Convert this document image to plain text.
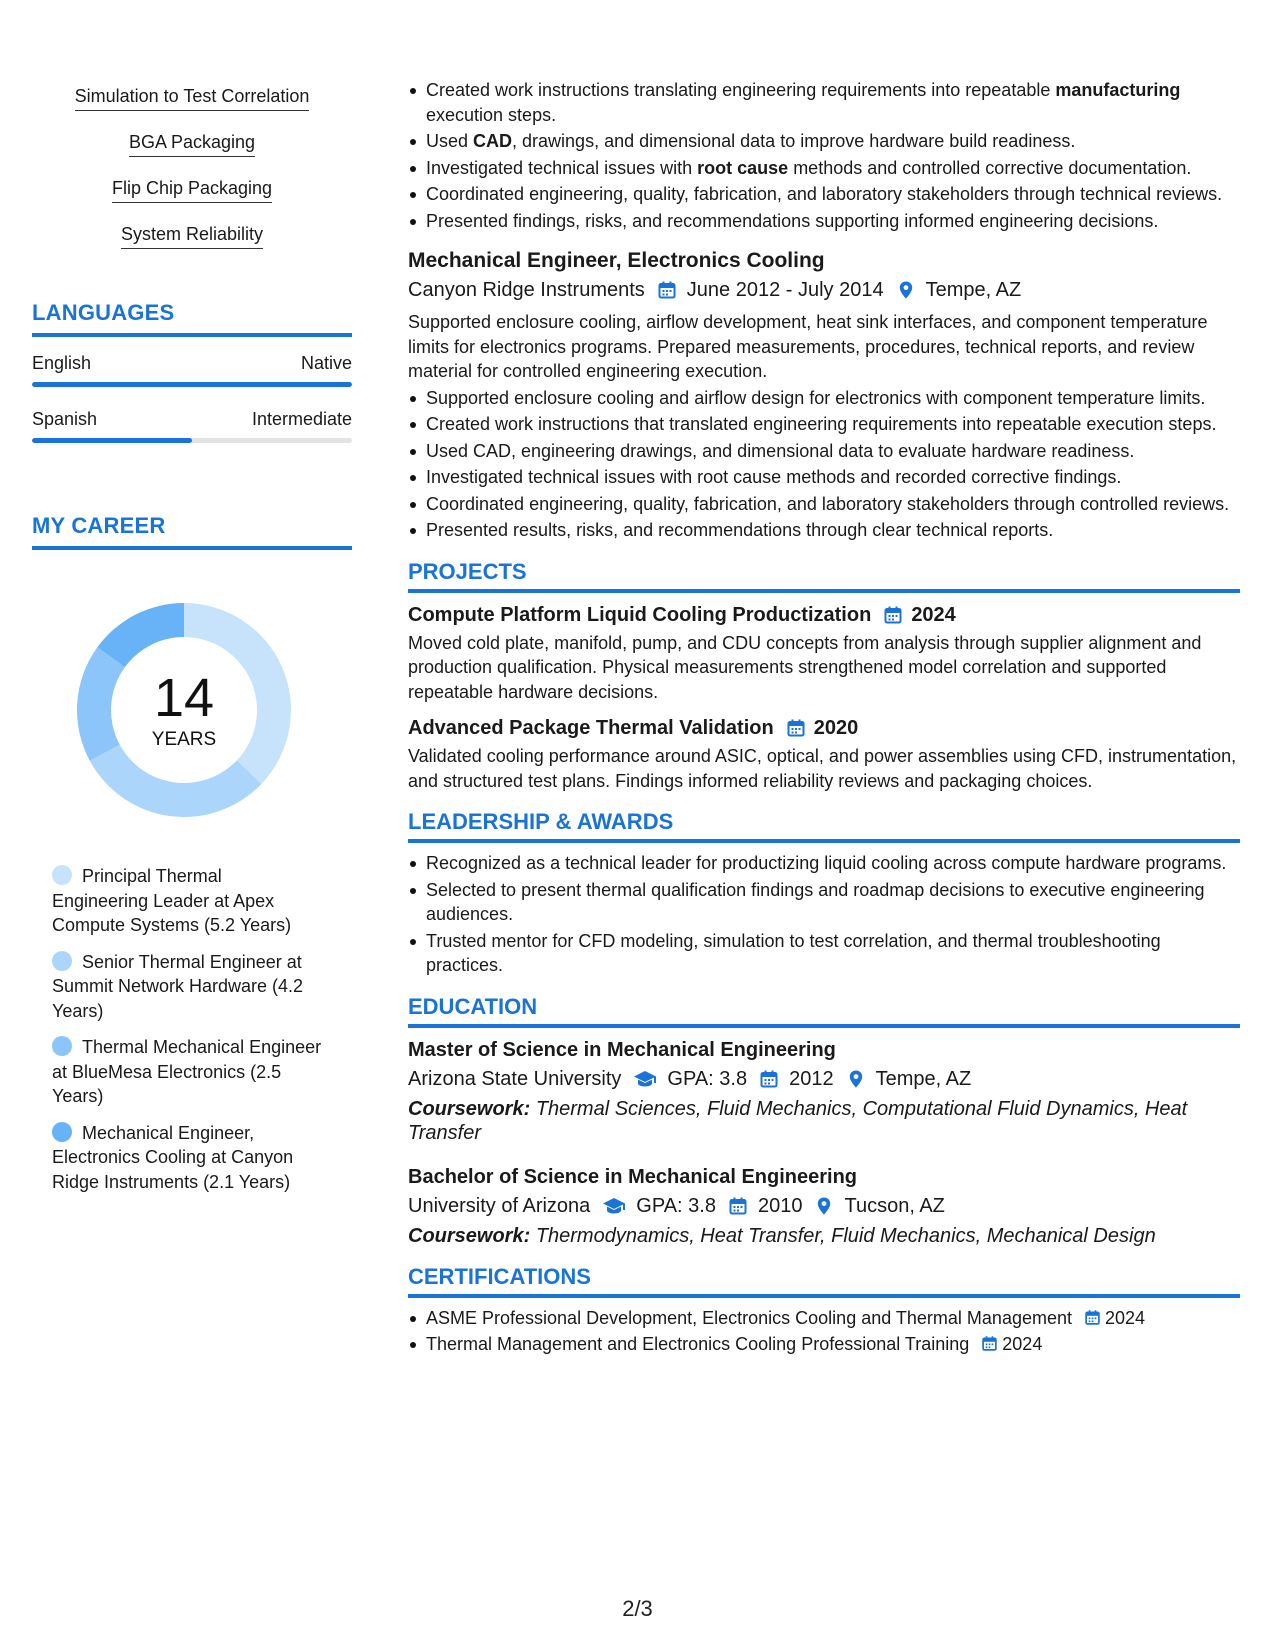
Simulation to Test Correlation
BGA Packaging
Flip Chip Packaging
System Reliability
LANGUAGES
English	Native
Spanish	Intermediate
MY CAREER
14
YEARS
Principal Thermal Engineering Leader at Apex Compute Systems (5.2 Years)
Senior Thermal Engineer at Summit Network Hardware (4.2 Years)
Thermal Mechanical Engineer at BlueMesa Electronics (2.5 Years)
Mechanical Engineer, Electronics Cooling at Canyon Ridge Instruments (2.1 Years)
Created work instructions translating engineering requirements into repeatable manufacturing execution steps.
Used CAD, drawings, and dimensional data to improve hardware build readiness.
Investigated technical issues with root cause methods and controlled corrective documentation.
Coordinated engineering, quality, fabrication, and laboratory stakeholders through technical reviews.
Presented findings, risks, and recommendations supporting informed engineering decisions.
Mechanical Engineer, Electronics Cooling
Canyon Ridge Instruments June 2012 - July 2014 Tempe, AZ
Supported enclosure cooling, airflow development, heat sink interfaces, and component temperature limits for electronics programs. Prepared measurements, procedures, technical reports, and review material for controlled engineering execution.
Supported enclosure cooling and airflow design for electronics with component temperature limits.
Created work instructions that translated engineering requirements into repeatable execution steps.
Used CAD, engineering drawings, and dimensional data to evaluate hardware readiness.
Investigated technical issues with root cause methods and recorded corrective findings.
Coordinated engineering, quality, fabrication, and laboratory stakeholders through controlled reviews.
Presented results, risks, and recommendations through clear technical reports.
PROJECTS
Compute Platform Liquid Cooling Productization 2024
Moved cold plate, manifold, pump, and CDU concepts from analysis through supplier alignment and production qualification. Physical measurements strengthened model correlation and supported repeatable hardware decisions.
Advanced Package Thermal Validation 2020
Validated cooling performance around ASIC, optical, and power assemblies using CFD, instrumentation, and structured test plans. Findings informed reliability reviews and packaging choices.
LEADERSHIP & AWARDS
Recognized as a technical leader for productizing liquid cooling across compute hardware programs.
Selected to present thermal qualification findings and roadmap decisions to executive engineering audiences.
Trusted mentor for CFD modeling, simulation to test correlation, and thermal troubleshooting practices.
EDUCATION
Master of Science in Mechanical Engineering
Arizona State University GPA: 3.8 2012 Tempe, AZ
Coursework: Thermal Sciences, Fluid Mechanics, Computational Fluid Dynamics, Heat Transfer
Bachelor of Science in Mechanical Engineering
University of Arizona GPA: 3.8 2010 Tucson, AZ
Coursework: Thermodynamics, Heat Transfer, Fluid Mechanics, Mechanical Design
CERTIFICATIONS
ASME Professional Development, Electronics Cooling and Thermal Management 2024
Thermal Management and Electronics Cooling Professional Training 2024
2/3
